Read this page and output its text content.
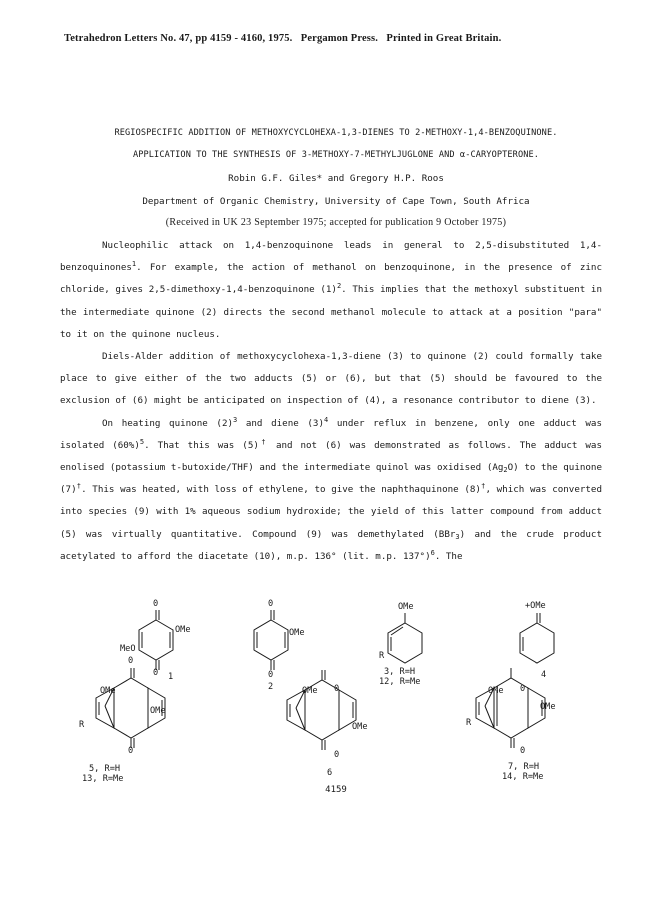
Tetrahedron Letters No. 47, pp 4159 - 4160, 1975. Pergamon Press. Printed in Great Britain.
REGIOSPECIFIC ADDITION OF METHOXYCYCLOHEXA-1,3-DIENES TO 2-METHOXY-1,4-BENZOQUINONE.
APPLICATION TO THE SYNTHESIS OF 3-METHOXY-7-METHYLJUGLONE AND α-CARYOPTERONE.
Robin G.F. Giles* and Gregory H.P. Roos
Department of Organic Chemistry, University of Cape Town, South Africa
(Received in UK 23 September 1975; accepted for publication 9 October 1975)

Nucleophilic attack on 1,4-benzoquinone leads in general to 2,5-disubstituted 1,4-benzoquinones$^1$. For example, the action of methanol on benzoquinone, in the presence of zinc chloride, gives 2,5-dimethoxy-1,4-benzoquinone $(1)^2$. This implies that the methoxyl substituent in the intermediate quinone (2) directs the second methanol molecule to attack at a position "para" to it on the quinone nucleus.

Diels-Alder addition of methoxycyclohexa-1,3-diene (3) to quinone (2) could formally take place to give either of the two adducts (5) or (6), but that (5) should be favoured to the exclusion of (6) might be anticipated on inspection of (4), a resonance contributor to diene (3).

On heating quinone $(2)^3$ and diene $(3)^4$ under reflux in benzene, only one adduct was isolated $(60\%)^5$. That this was (5)† and not (6) was demonstrated as follows. The adduct was enolised (potassium t-butoxide/THF) and the intermediate quinol was oxidised $(Ag_2O)$ to the quinone (7)†. This was heated, with loss of ethylene, to give the naphthaquinone (8)†, which was converted into species (9) with 1% aqueous sodium hydroxide; the yield of this latter compound from adduct (5) was virtually quantitative. Compound (9) was demethylated (BBr$_3$) and the crude product acetylated to afford the diacetate (10), m.p. 136° (lit. m.p. 137°)$^6$. The

0
OMe
MeO
0 1
0
OMe
0
2
OMe
R
3, R=H
12, R=Me
+OMe
-
4
OMe
0
OMe
R
0
5, R=H
13, R=Me
OMe 0
OMe
0
6
OMe 0
OMe
R
0
7, R=H
14, R=Me
4159
